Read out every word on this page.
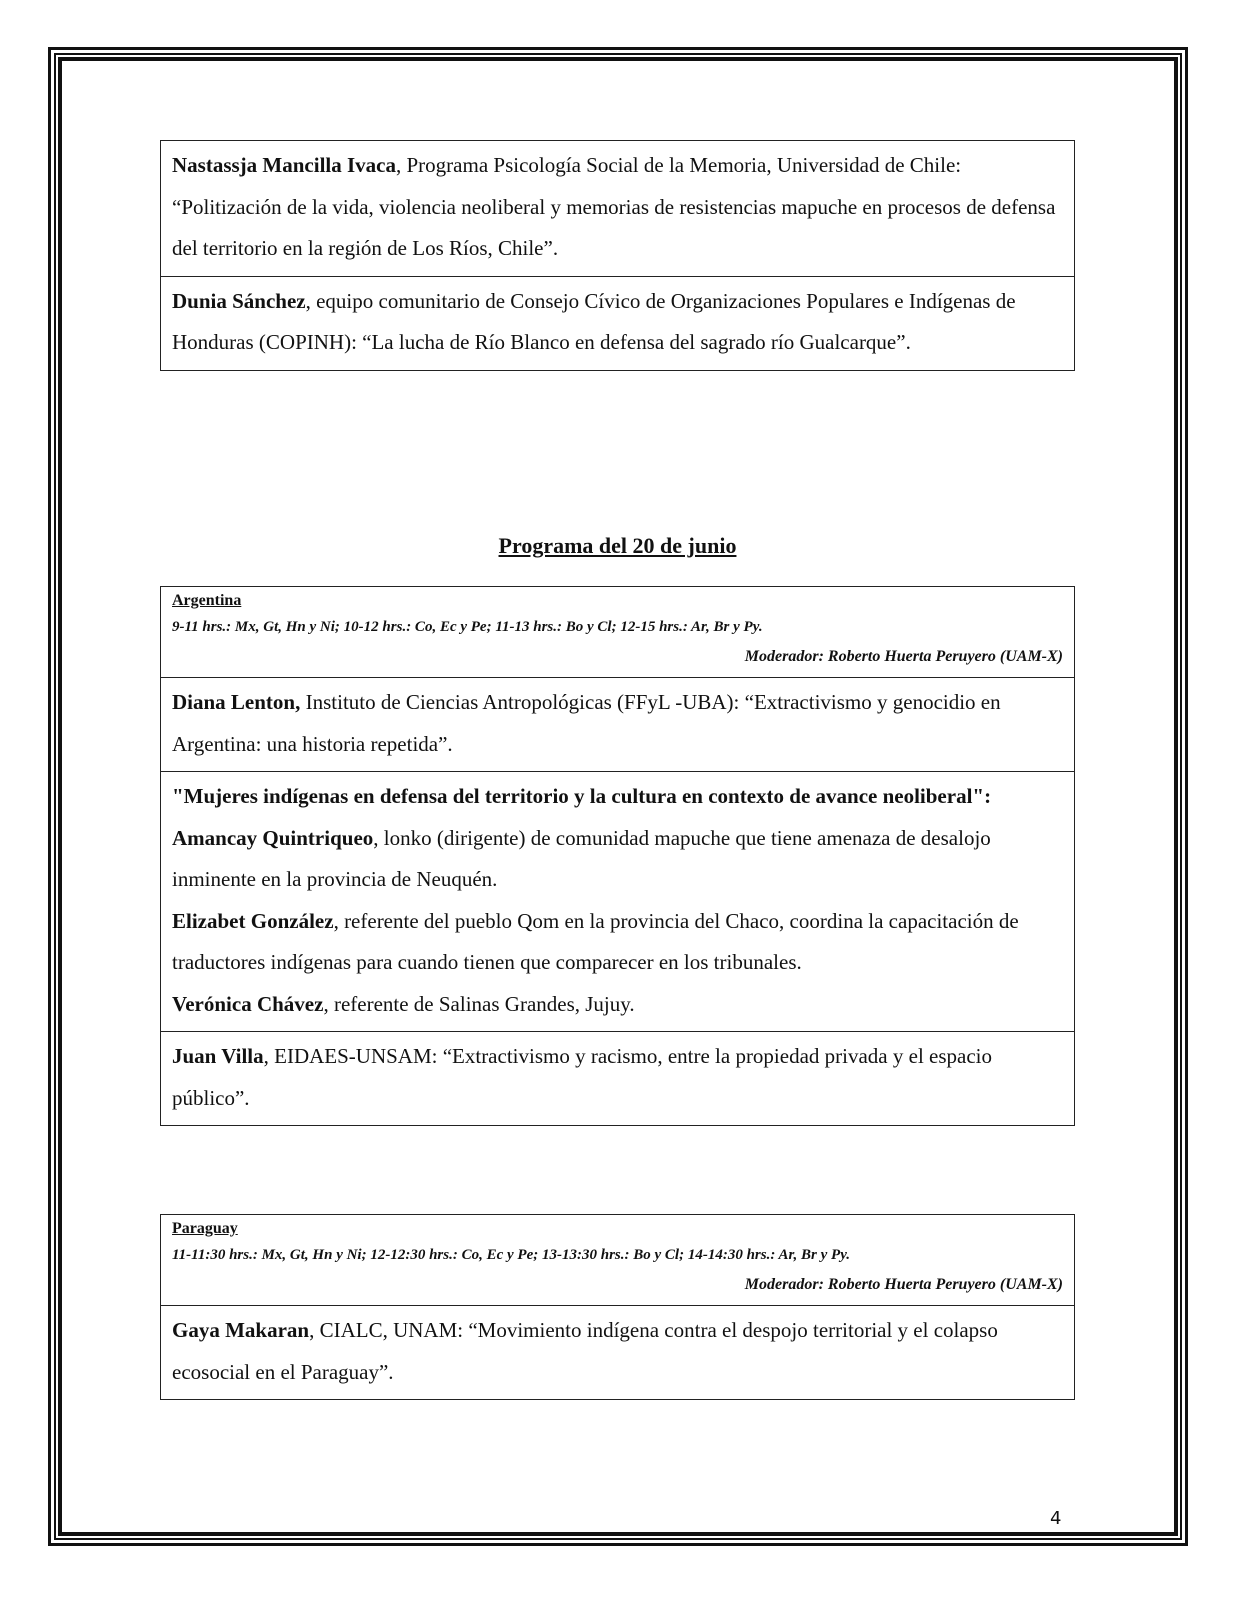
Nastassja Mancilla Ivaca, Programa Psicología Social de la Memoria, Universidad de Chile: “Politización de la vida, violencia neoliberal y memorias de resistencias mapuche en procesos de defensa del territorio en la región de Los Ríos, Chile”.
Dunia Sánchez, equipo comunitario de Consejo Cívico de Organizaciones Populares e Indígenas de Honduras (COPINH): “La lucha de Río Blanco en defensa del sagrado río Gualcarque”.
Programa del 20 de junio
Argentina
9-11 hrs.: Mx, Gt, Hn y Ni; 10-12 hrs.: Co, Ec y Pe; 11-13 hrs.: Bo y Cl; 12-15 hrs.: Ar, Br y Py.
Moderador: Roberto Huerta Peruyero (UAM-X)
Diana Lenton, Instituto de Ciencias Antropológicas (FFyL -UBA): “Extractivismo y genocidio en Argentina: una historia repetida”.
"Mujeres indígenas en defensa del territorio y la cultura en contexto de avance neoliberal":
Amancay Quintriqueo, lonko (dirigente) de comunidad mapuche que tiene amenaza de desalojo inminente en la provincia de Neuquén.
Elizabet González, referente del pueblo Qom en la provincia del Chaco, coordina la capacitación de traductores indígenas para cuando tienen que comparecer en los tribunales.
Verónica Chávez, referente de Salinas Grandes, Jujuy.
Juan Villa, EIDAES-UNSAM: “Extractivismo y racismo, entre la propiedad privada y el espacio público”.
Paraguay
11-11:30 hrs.: Mx, Gt, Hn y Ni; 12-12:30 hrs.: Co, Ec y Pe; 13-13:30 hrs.: Bo y Cl; 14-14:30 hrs.: Ar, Br y Py.
Moderador: Roberto Huerta Peruyero (UAM-X)
Gaya Makaran, CIALC, UNAM: “Movimiento indígena contra el despojo territorial y el colapso ecosocial en el Paraguay”.
4
